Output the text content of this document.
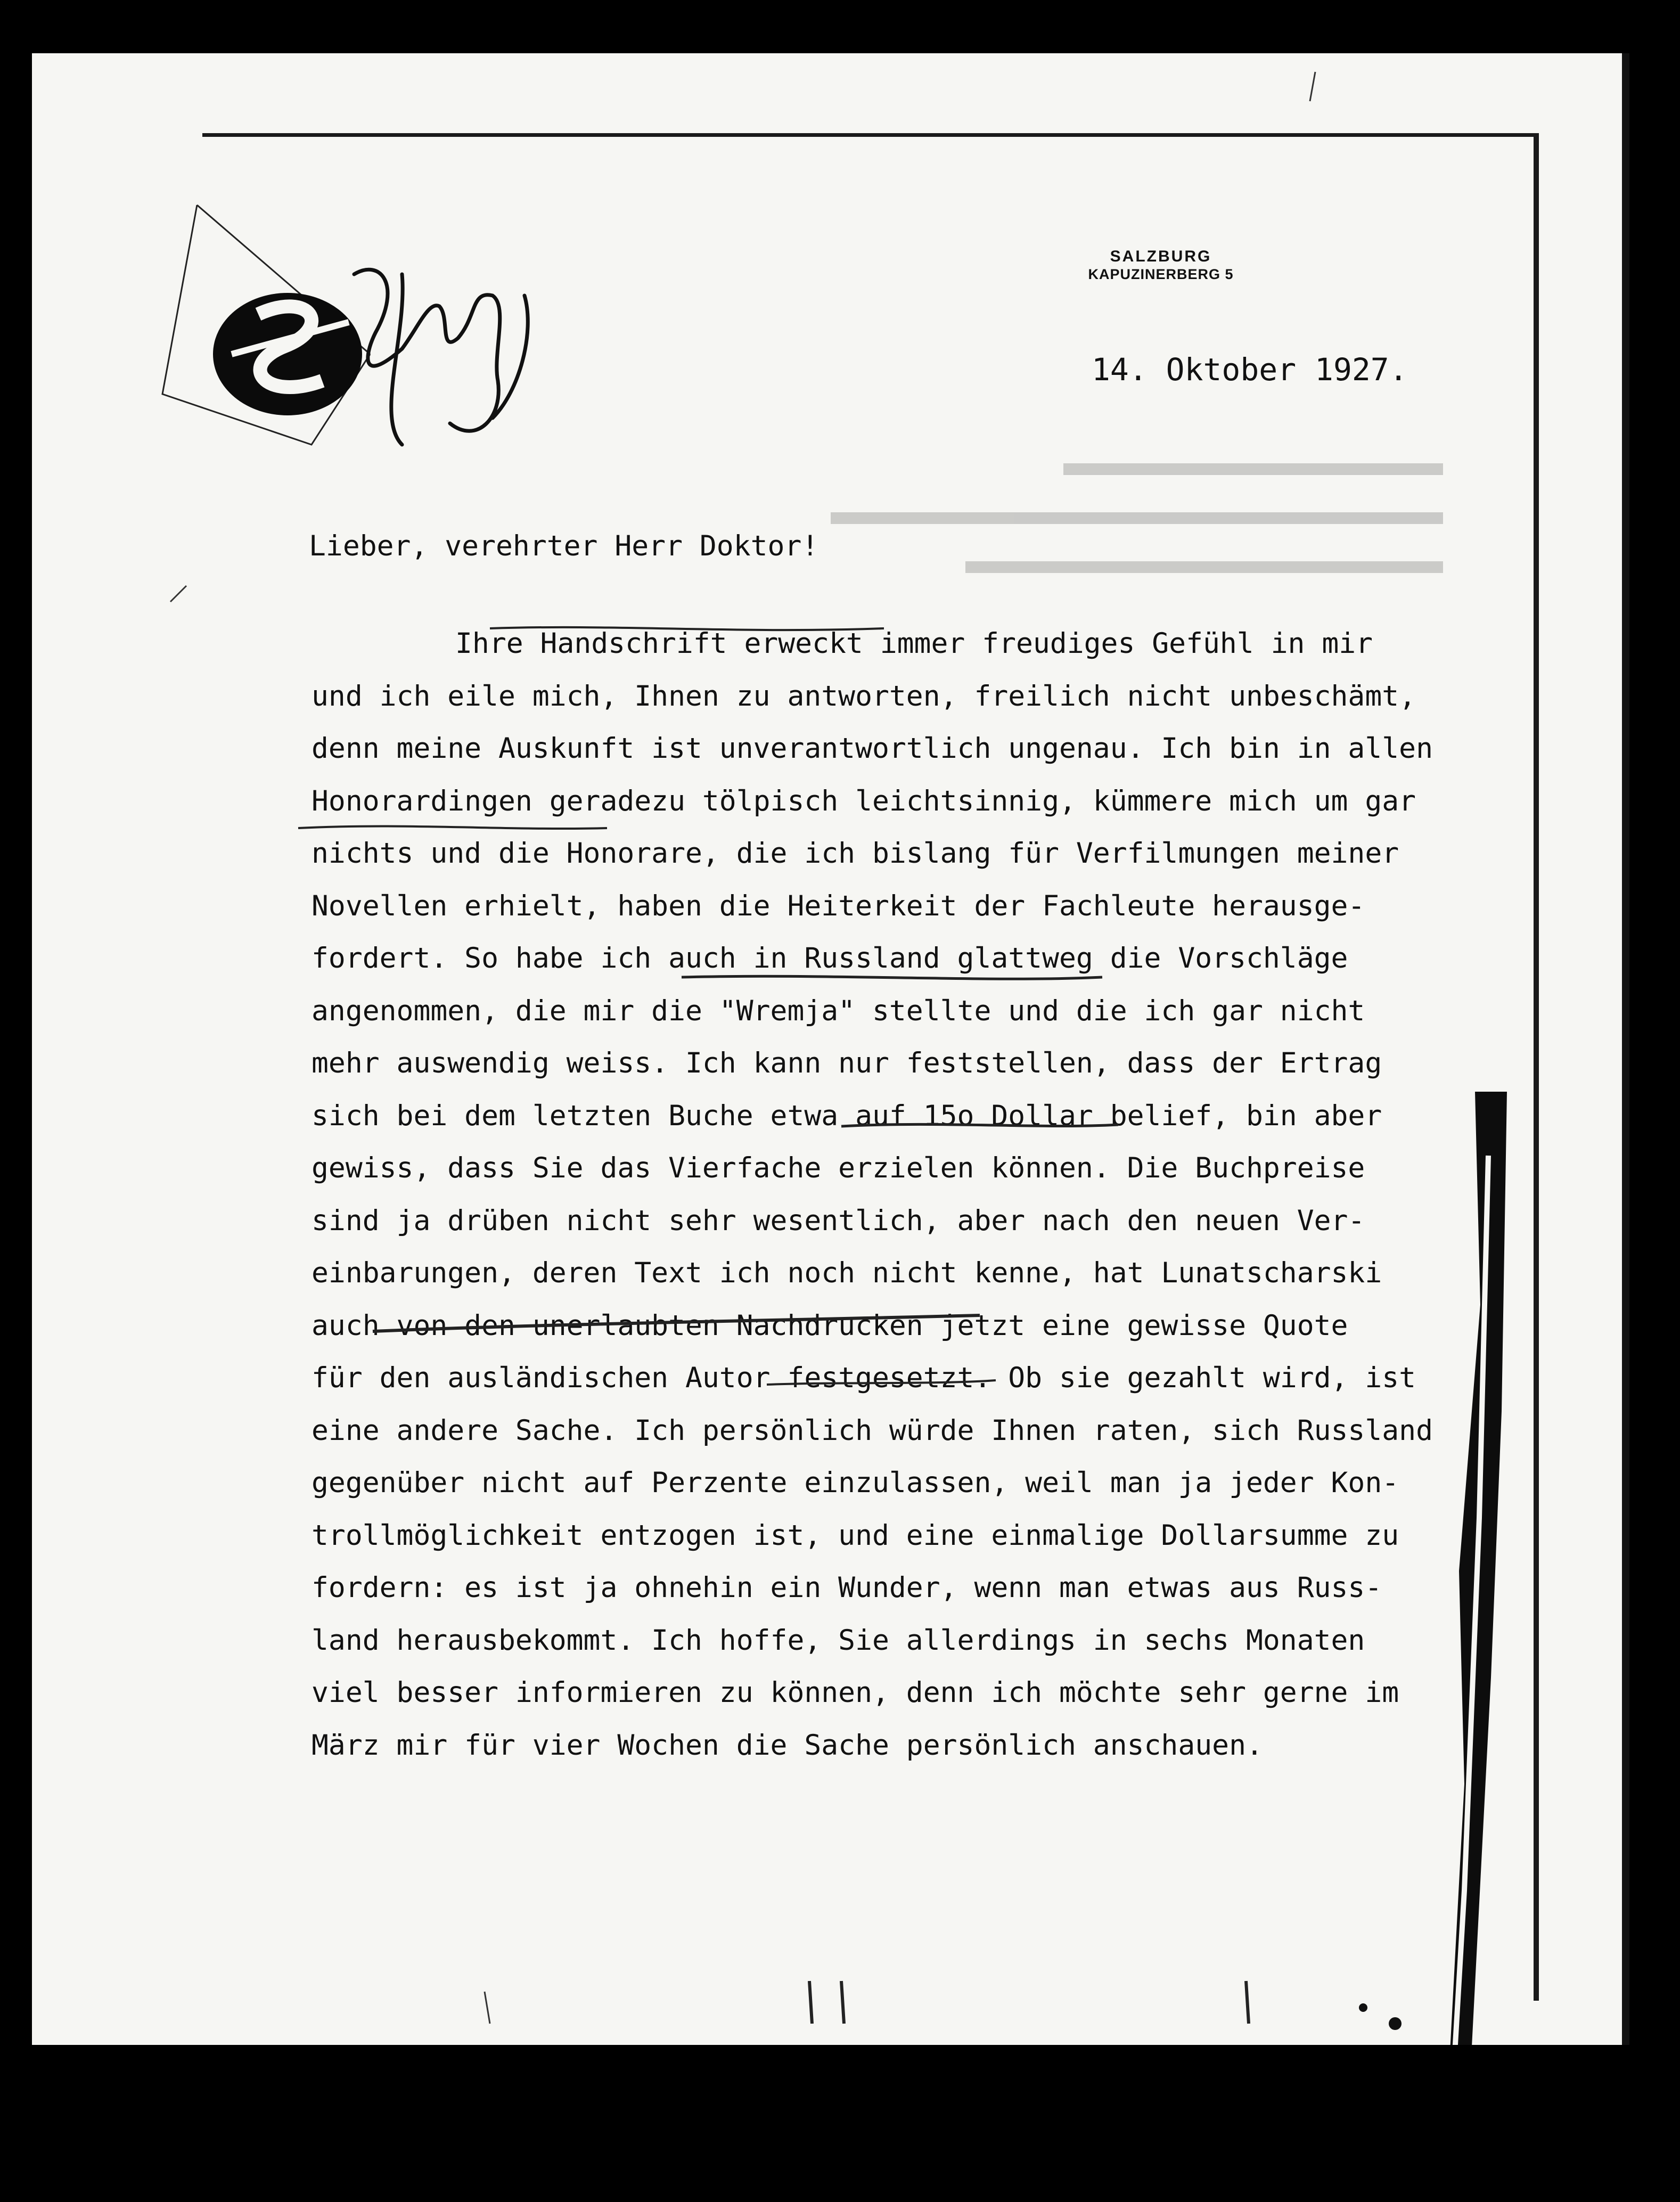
SALZBURG
KAPUZINERBERG 5
14. Oktober 1927.
Lieber, verehrter Herr Doktor!
Ihre Handschrift erweckt immer freudiges Gefühl in mir
und ich eile mich, Ihnen zu antworten, freilich nicht unbeschämt,
denn meine Auskunft ist unverantwortlich ungenau. Ich bin in allen
Honorardingen geradezu tölpisch leichtsinnig, kümmere mich um gar
nichts und die Honorare, die ich bislang für Verfilmungen meiner
Novellen erhielt, haben die Heiterkeit der Fachleute herausge-
fordert. So habe ich auch in Russland glattweg die Vorschläge
angenommen, die mir die "Wremja" stellte und die ich gar nicht
mehr auswendig weiss. Ich kann nur feststellen, dass der Ertrag
sich bei dem letzten Buche etwa auf 15o Dollar belief, bin aber
gewiss, dass Sie das Vierfache erzielen können. Die Buchpreise
sind ja drüben nicht sehr wesentlich, aber nach den neuen Ver-
einbarungen, deren Text ich noch nicht kenne, hat Lunatscharski
auch von den unerlaubten Nachdrucken jetzt eine gewisse Quote
für den ausländischen Autor festgesetzt. Ob sie gezahlt wird, ist
eine andere Sache. Ich persönlich würde Ihnen raten, sich Russland
gegenüber nicht auf Perzente einzulassen, weil man ja jeder Kon-
trollmöglichkeit entzogen ist, und eine einmalige Dollarsumme zu
fordern: es ist ja ohnehin ein Wunder, wenn man etwas aus Russ-
land herausbekommt. Ich hoffe, Sie allerdings in sechs Monaten
viel besser informieren zu können, denn ich möchte sehr gerne im
März mir für vier Wochen die Sache persönlich anschauen.
